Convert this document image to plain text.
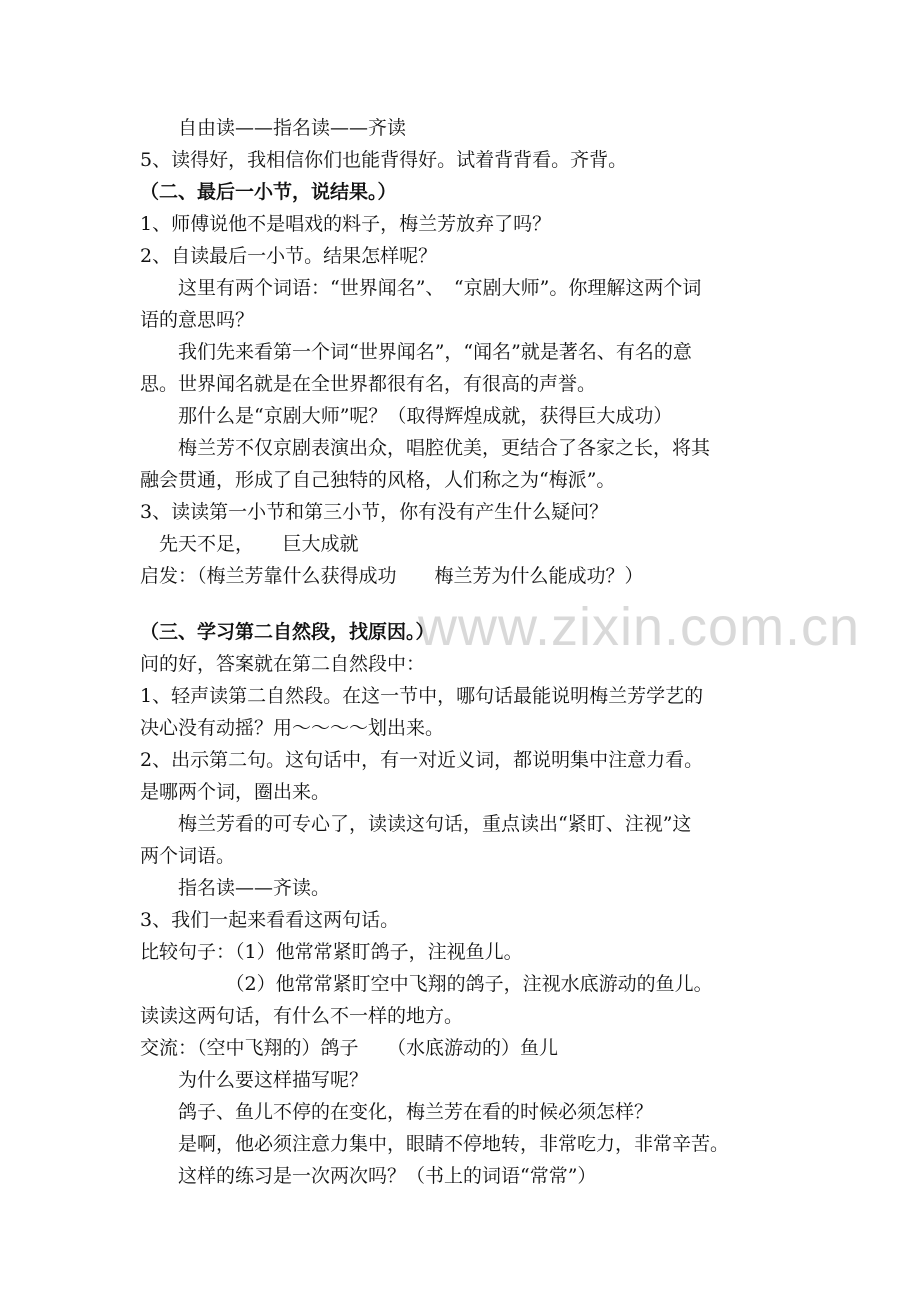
www.zixin.com.cn
　　自由读——指名读——齐读
5、读得好，我相信你们也能背得好。试着背背看。齐背。
（二、最后一小节，说结果。）
1、师傅说他不是唱戏的料子，梅兰芳放弃了吗？
2、自读最后一小节。结果怎样呢？
　　这里有两个词语：“世界闻名”、　“京剧大师”。你理解这两个词
语的意思吗？
　　我们先来看第一个词“世界闻名”，“闻名”就是著名、有名的意
思。世界闻名就是在全世界都很有名，有很高的声誉。
　　那什么是“京剧大师”呢？（取得辉煌成就，获得巨大成功）
　　梅兰芳不仅京剧表演出众，唱腔优美，更结合了各家之长，将其
融会贯通，形成了自己独特的风格，人们称之为“梅派”。
3、读读第一小节和第三小节，你有没有产生什么疑问？
　先天不足，　　巨大成就
启发：（梅兰芳靠什么获得成功　　梅兰芳为什么能成功？）
（三、学习第二自然段，找原因。）
问的好，答案就在第二自然段中：
1、轻声读第二自然段。在这一节中，哪句话最能说明梅兰芳学艺的
决心没有动摇？用～～～～划出来。
2、出示第二句。这句话中，有一对近义词，都说明集中注意力看。
是哪两个词，圈出来。
　　梅兰芳看的可专心了，读读这句话，重点读出“紧盯、注视”这
两个词语。
　　指名读——齐读。
3、我们一起来看看这两句话。
比较句子：（1）他常常紧盯鸽子，注视鱼儿。
　　　　　（2）他常常紧盯空中飞翔的鸽子，注视水底游动的鱼儿。
读读这两句话，有什么不一样的地方。
交流：（空中飞翔的）鸽子　　（水底游动的）鱼儿
　　为什么要这样描写呢？
　　鸽子、鱼儿不停的在变化，梅兰芳在看的时候必须怎样？
　　是啊，他必须注意力集中，眼睛不停地转，非常吃力，非常辛苦。
　　这样的练习是一次两次吗？（书上的词语“常常”）
